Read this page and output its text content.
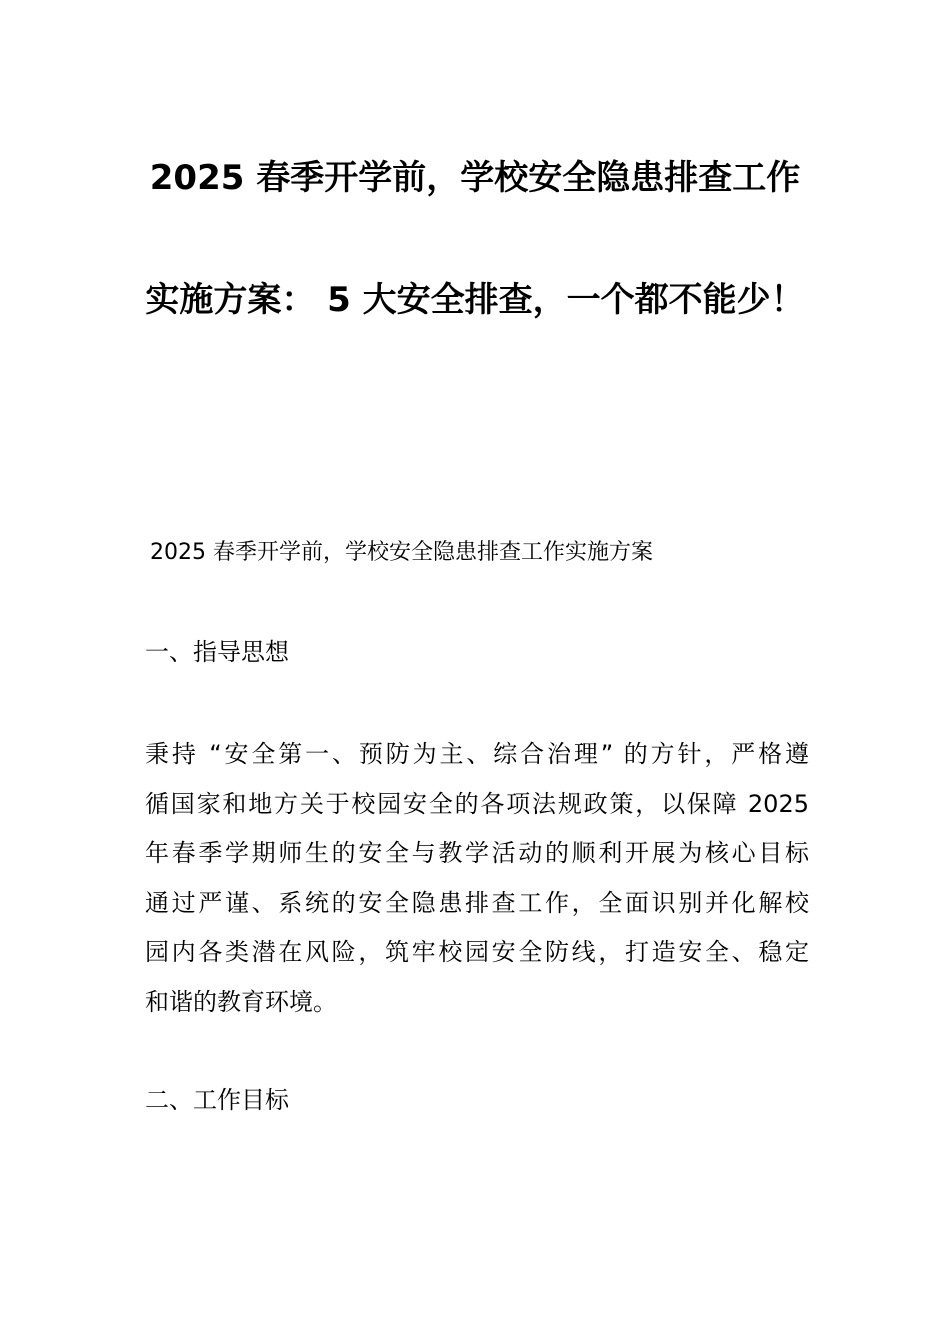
2025 春季开学前，学校安全隐患排查工作
实施方案： 5 大安全排查，一个都不能少！
2025 春季开学前，学校安全隐患排查工作实施方案
一、指导思想
秉持 “安全第一、预防为主、综合治理” 的方针，严格遵
循国家和地方关于校园安全的各项法规政策，以保障 2025
年春季学期师生的安全与教学活动的顺利开展为核心目标
通过严谨、系统的安全隐患排查工作，全面识别并化解校
园内各类潜在风险，筑牢校园安全防线，打造安全、稳定
和谐的教育环境。
二、工作目标
